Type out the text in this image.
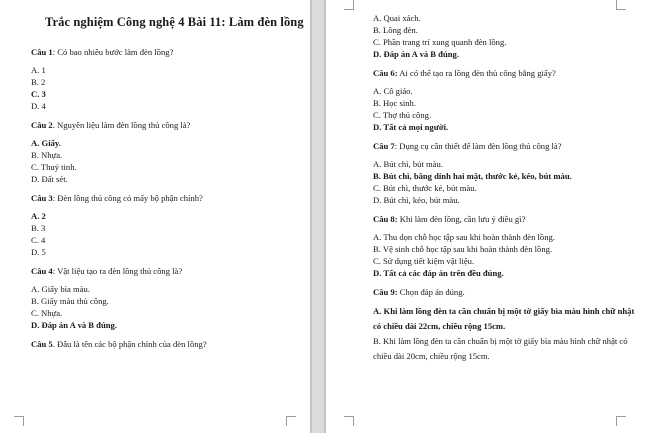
Trắc nghiệm Công nghệ 4 Bài 11: Làm đèn lồng

Câu 1: Có bao nhiêu bước làm đèn lồng?

A. 1

B. 2

C. 3

D. 4

Câu 2. Nguyên liệu làm đèn lồng thủ công là?

A. Giấy.

B. Nhựa.

C. Thuỷ tinh.

D. Đất sét.

Câu 3: Đèn lồng thủ công có mấy bộ phận chính?

A. 2

B. 3

C. 4

D. 5

Câu 4: Vật liệu tạo ra đèn lồng thủ công là?

A. Giấy bìa màu.

B. Giấy màu thủ công.

C. Nhựa.

D. Đáp án A và B đúng.

Câu 5. Đâu là tên các bộ phận chính của đèn lồng?

A. Quai xách.

B. Lồng đèn.

C. Phần trang trí xung quanh đèn lồng.

D. Đáp án A và B đúng.

Câu 6: Ai có thể tạo ra lồng đèn thủ công bằng giấy?

A. Cô giáo.

B. Học sinh.

C. Thợ thủ công.

D. Tất cả mọi người.

Câu 7: Dụng cụ cần thiết để làm đèn lồng thủ công là?

A. Bút chì, bút màu.

B. Bút chì, băng dính hai mặt, thước kẻ, kéo, bút màu.

C. Bút chì, thước kẻ, bút màu.

D. Bút chì, kéo, bút màu.

Câu 8: Khi làm đèn lồng, cần lưu ý điều gì?

A. Thu dọn chỗ học tập sau khi hoàn thành đèn lồng.

B. Vệ sinh chỗ học tập sau khi hoàn thành đèn lồng.

C. Sử dụng tiết kiệm vật liệu.

D. Tất cả các đáp án trên đều đúng.

Câu 9: Chọn đáp án đúng.

A. Khi làm lồng đèn ta cần chuẩn bị một tờ giấy bìa màu hình chữ nhật có chiều dài 22cm, chiều rộng 15cm.

B. Khi làm lồng đèn ta cần chuẩn bị một tờ giấy bìa màu hình chữ nhật có chiều dài 20cm, chiều rộng 15cm.
